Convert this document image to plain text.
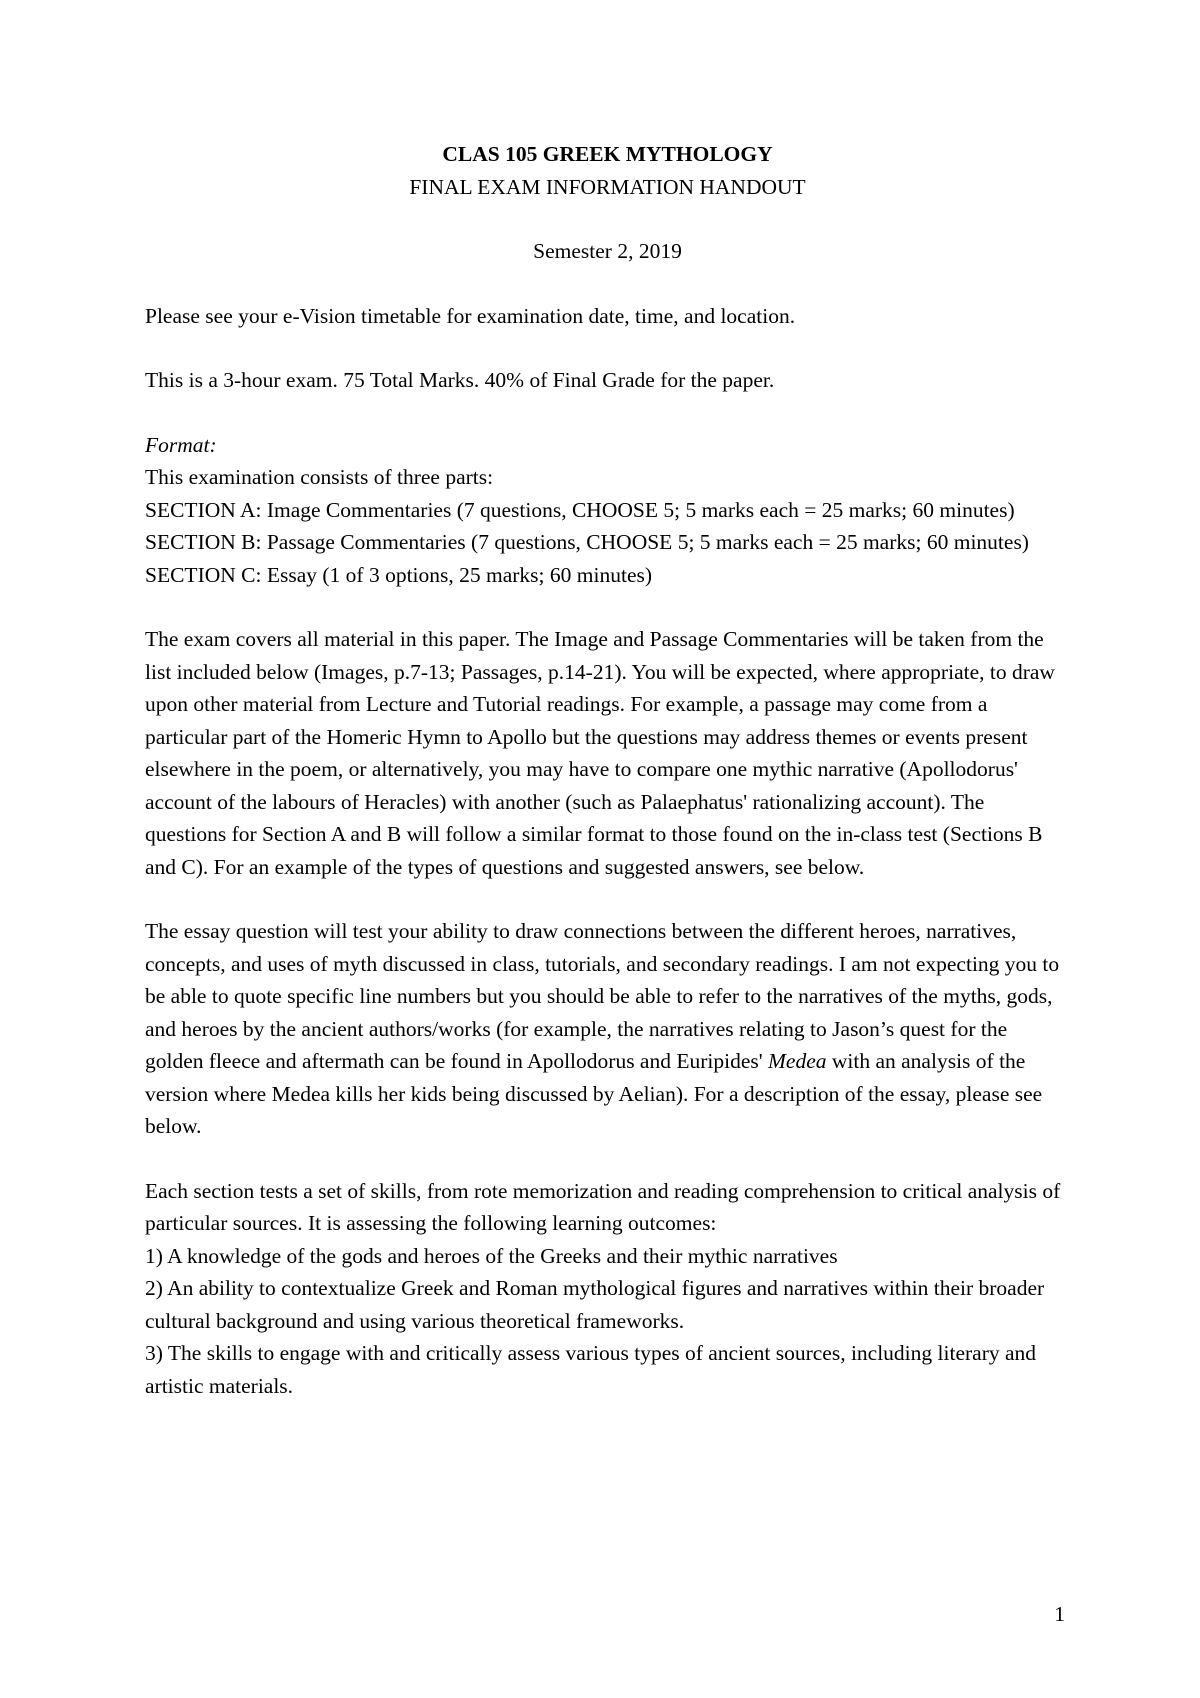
CLAS 105 GREEK MYTHOLOGY

FINAL EXAM INFORMATION HANDOUT

Semester 2, 2019

Please see your e-Vision timetable for examination date, time, and location.

This is a 3-hour exam. 75 Total Marks. 40% of Final Grade for the paper.

Format:

This examination consists of three parts:

SECTION A: Image Commentaries (7 questions, CHOOSE 5; 5 marks each = 25 marks; 60 minutes)

SECTION B: Passage Commentaries (7 questions, CHOOSE 5; 5 marks each = 25 marks; 60 minutes)

SECTION C: Essay (1 of 3 options, 25 marks; 60 minutes)

The exam covers all material in this paper. The Image and Passage Commentaries will be taken from the list included below (Images, p.7-13; Passages, p.14-21). You will be expected, where appropriate, to draw upon other material from Lecture and Tutorial readings. For example, a passage may come from a particular part of the Homeric Hymn to Apollo but the questions may address themes or events present elsewhere in the poem, or alternatively, you may have to compare one mythic narrative (Apollodorus' account of the labours of Heracles) with another (such as Palaephatus' rationalizing account). The questions for Section A and B will follow a similar format to those found on the in-class test (Sections B and C). For an example of the types of questions and suggested answers, see below.

The essay question will test your ability to draw connections between the different heroes, narratives, concepts, and uses of myth discussed in class, tutorials, and secondary readings. I am not expecting you to be able to quote specific line numbers but you should be able to refer to the narratives of the myths, gods, and heroes by the ancient authors/works (for example, the narratives relating to Jason’s quest for the golden fleece and aftermath can be found in Apollodorus and Euripides' Medea with an analysis of the version where Medea kills her kids being discussed by Aelian). For a description of the essay, please see below.

Each section tests a set of skills, from rote memorization and reading comprehension to critical analysis of particular sources. It is assessing the following learning outcomes:

1) A knowledge of the gods and heroes of the Greeks and their mythic narratives

2) An ability to contextualize Greek and Roman mythological figures and narratives within their broader cultural background and using various theoretical frameworks.

3) The skills to engage with and critically assess various types of ancient sources, including literary and artistic materials.

1
